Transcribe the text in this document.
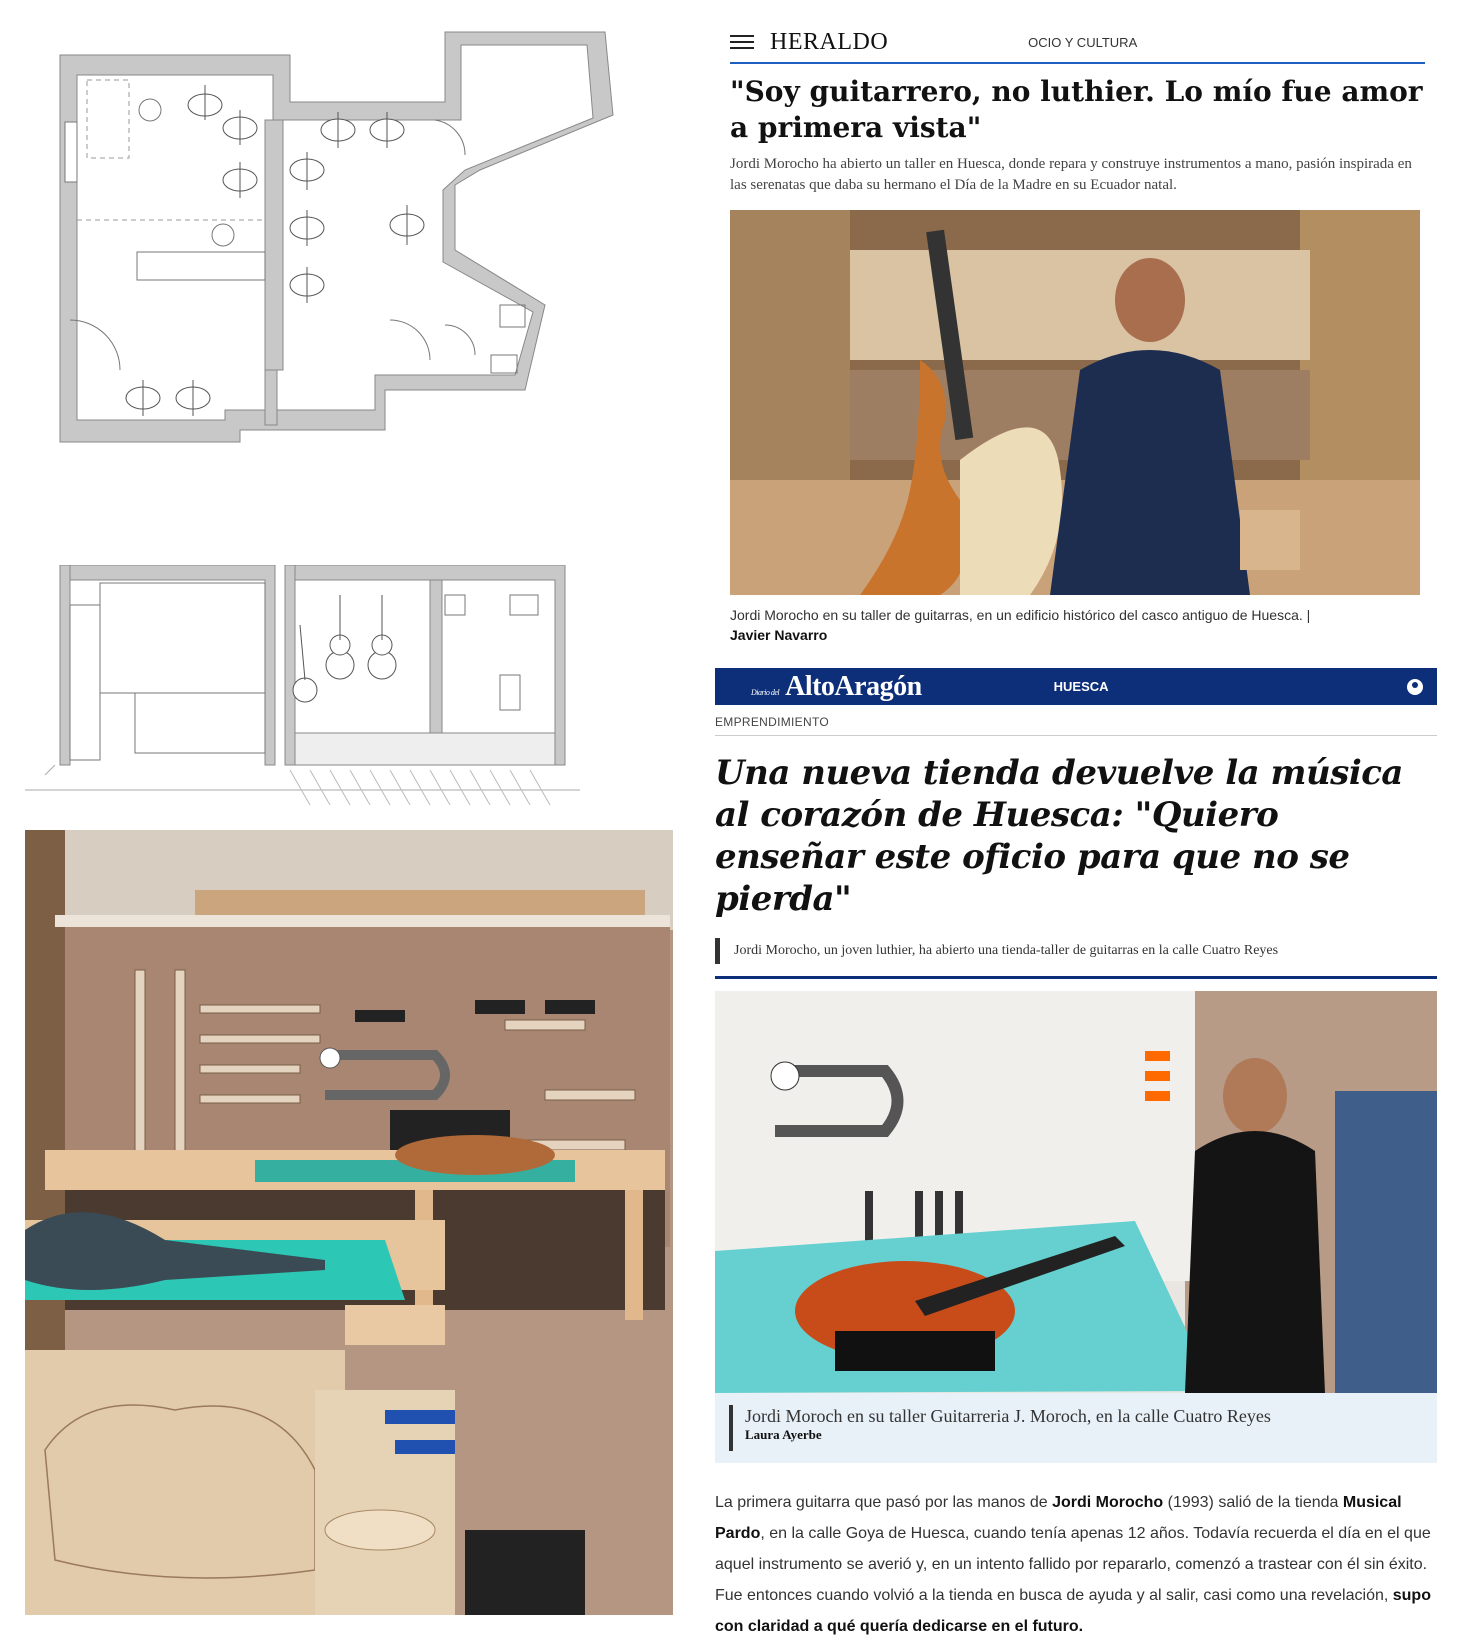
HERALDO	OCIO Y CULTURA
"Soy guitarrero, no luthier. Lo mío fue amor a primera vista"

Jordi Morocho ha abierto un taller en Huesca, donde repara y construye instrumentos a mano, pasión inspirada en las serenatas que daba su hermano el Día de la Madre en su Ecuador natal.

Jordi Morocho en su taller de guitarras, en un edificio histórico del casco antiguo de Huesca. |
Javier Navarro
Diario del AltoAragón	HUESCA
EMPRENDIMIENTO
Una nueva tienda devuelve la música al corazón de Huesca: "Quiero enseñar este oficio para que no se pierda"

Jordi Morocho, un joven luthier, ha abierto una tienda-taller de guitarras en la calle Cuatro Reyes

Jordi Moroch en su taller Guitarreria J. Moroch, en la calle Cuatro Reyes
Laura Ayerbe

La primera guitarra que pasó por las manos de Jordi Morocho (1993) salió de la tienda Musical Pardo, en la calle Goya de Huesca, cuando tenía apenas 12 años. Todavía recuerda el día en el que aquel instrumento se averió y, en un intento fallido por repararlo, comenzó a trastear con él sin éxito. Fue entonces cuando volvió a la tienda en busca de ayuda y al salir, casi como una revelación, supo con claridad a qué quería dedicarse en el futuro.
